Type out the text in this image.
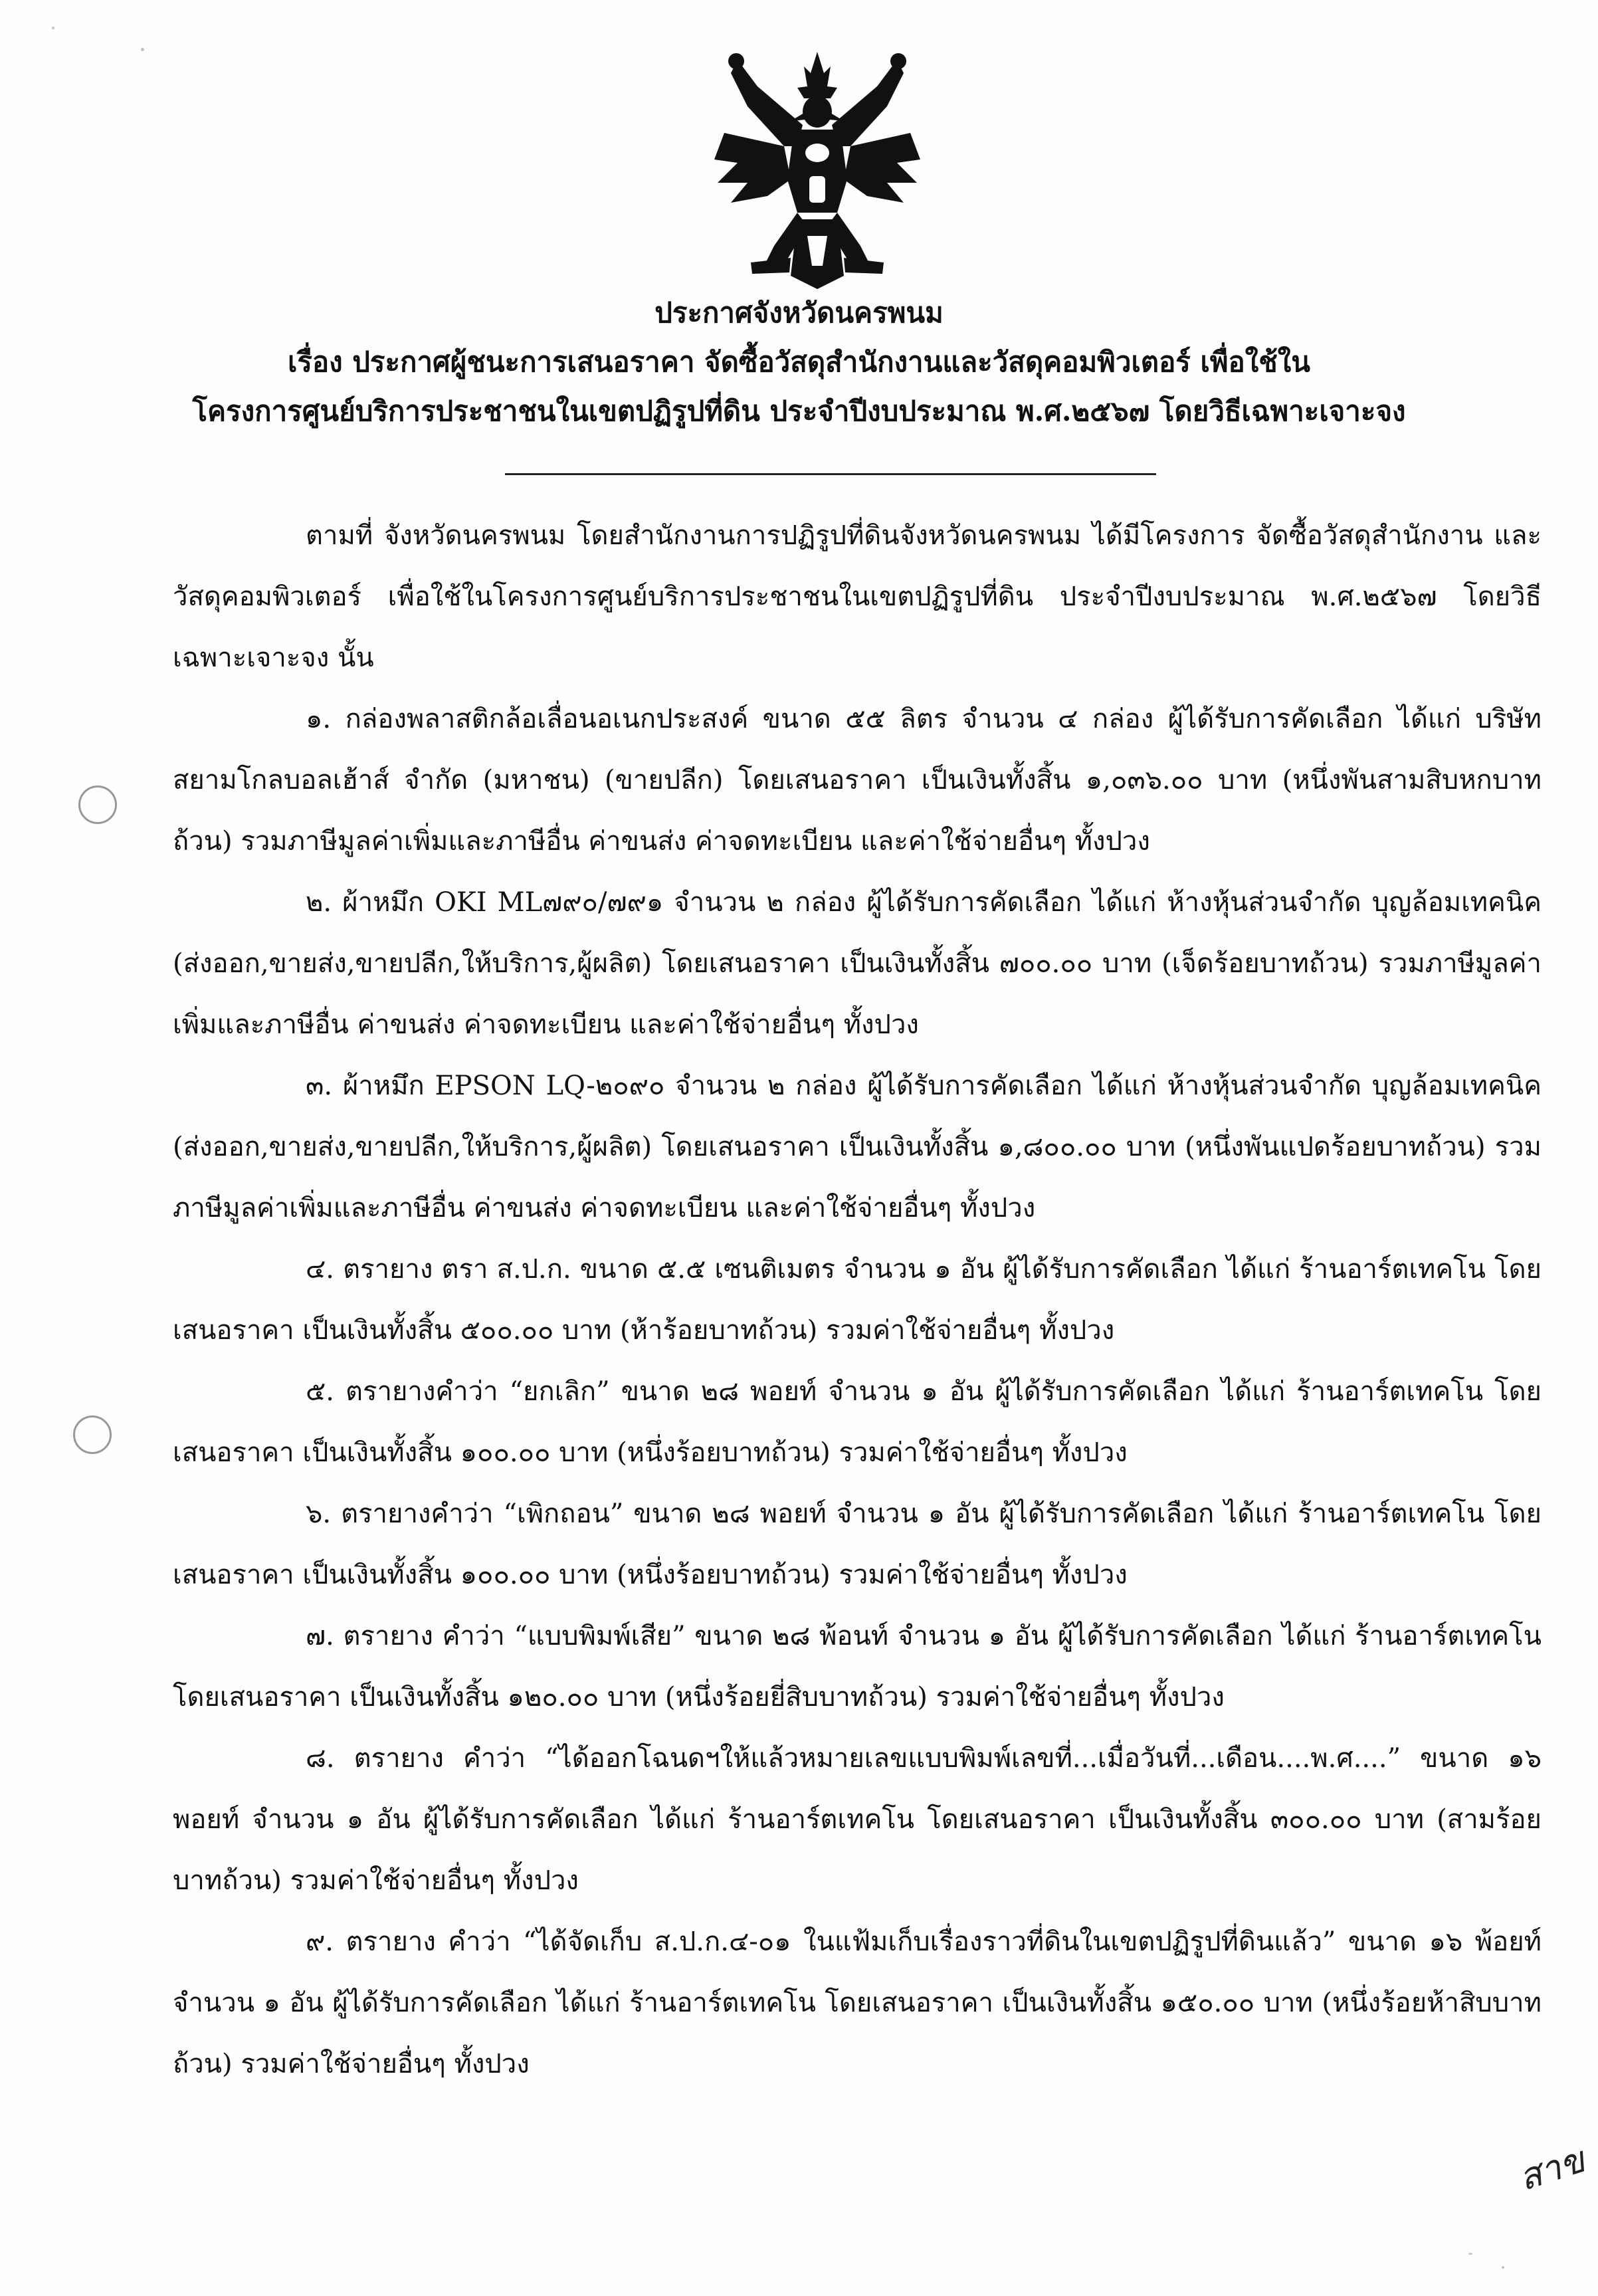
ประกาศจังหวัดนครพนม
เรื่อง ประกาศผู้ชนะการเสนอราคา จัดซื้อวัสดุสำนักงานและวัสดุคอมพิวเตอร์ เพื่อใช้ใน
โครงการศูนย์บริการประชาชนในเขตปฏิรูปที่ดิน ประจำปีงบประมาณ พ.ศ.๒๕๖๗ โดยวิธีเฉพาะเจาะจง

ตามที่ จังหวัดนครพนม โดยสำนักงานการปฏิรูปที่ดินจังหวัดนครพนม ได้มีโครงการ จัดซื้อวัสดุสำนักงาน และวัสดุคอมพิวเตอร์ เพื่อใช้ในโครงการศูนย์บริการประชาชนในเขตปฏิรูปที่ดิน ประจำปีงบประมาณ พ.ศ.๒๕๖๗ โดยวิธีเฉพาะเจาะจง นั้น

๑. กล่องพลาสติกล้อเลื่อนอเนกประสงค์ ขนาด ๕๕ ลิตร จำนวน ๔ กล่อง ผู้ได้รับการคัดเลือก ได้แก่ บริษัท สยามโกลบอลเฮ้าส์ จำกัด (มหาชน) (ขายปลีก) โดยเสนอราคา เป็นเงินทั้งสิ้น ๑,๐๓๖.๐๐ บาท (หนึ่งพันสามสิบหกบาทถ้วน) รวมภาษีมูลค่าเพิ่มและภาษีอื่น ค่าขนส่ง ค่าจดทะเบียน และค่าใช้จ่ายอื่นๆ ทั้งปวง

๒. ผ้าหมึก OKI ML๗๙๐/๗๙๑ จำนวน ๒ กล่อง ผู้ได้รับการคัดเลือก ได้แก่ ห้างหุ้นส่วนจำกัด บุญล้อมเทคนิค (ส่งออก,ขายส่ง,ขายปลีก,ให้บริการ,ผู้ผลิต) โดยเสนอราคา เป็นเงินทั้งสิ้น ๗๐๐.๐๐ บาท (เจ็ดร้อยบาทถ้วน) รวมภาษีมูลค่าเพิ่มและภาษีอื่น ค่าขนส่ง ค่าจดทะเบียน และค่าใช้จ่ายอื่นๆ ทั้งปวง

๓. ผ้าหมึก EPSON LQ-๒๐๙๐ จำนวน ๒ กล่อง ผู้ได้รับการคัดเลือก ได้แก่ ห้างหุ้นส่วนจำกัด บุญล้อมเทคนิค (ส่งออก,ขายส่ง,ขายปลีก,ให้บริการ,ผู้ผลิต) โดยเสนอราคา เป็นเงินทั้งสิ้น ๑,๘๐๐.๐๐ บาท (หนึ่งพันแปดร้อยบาทถ้วน) รวมภาษีมูลค่าเพิ่มและภาษีอื่น ค่าขนส่ง ค่าจดทะเบียน และค่าใช้จ่ายอื่นๆ ทั้งปวง

๔. ตรายาง ตรา ส.ป.ก. ขนาด ๕.๕ เซนติเมตร จำนวน ๑ อัน ผู้ได้รับการคัดเลือก ได้แก่ ร้านอาร์ตเทคโน โดยเสนอราคา เป็นเงินทั้งสิ้น ๕๐๐.๐๐ บาท (ห้าร้อยบาทถ้วน) รวมค่าใช้จ่ายอื่นๆ ทั้งปวง

๕. ตรายางคำว่า “ยกเลิก” ขนาด ๒๘ พอยท์ จำนวน ๑ อัน ผู้ได้รับการคัดเลือก ได้แก่ ร้านอาร์ตเทคโน โดยเสนอราคา เป็นเงินทั้งสิ้น ๑๐๐.๐๐ บาท (หนึ่งร้อยบาทถ้วน) รวมค่าใช้จ่ายอื่นๆ ทั้งปวง

๖. ตรายางคำว่า “เพิกถอน” ขนาด ๒๘ พอยท์ จำนวน ๑ อัน ผู้ได้รับการคัดเลือก ได้แก่ ร้านอาร์ตเทคโน โดยเสนอราคา เป็นเงินทั้งสิ้น ๑๐๐.๐๐ บาท (หนึ่งร้อยบาทถ้วน) รวมค่าใช้จ่ายอื่นๆ ทั้งปวง

๗. ตรายาง คำว่า “แบบพิมพ์เสีย” ขนาด ๒๘ พ้อนท์ จำนวน ๑ อัน ผู้ได้รับการคัดเลือก ได้แก่ ร้านอาร์ตเทคโน โดยเสนอราคา เป็นเงินทั้งสิ้น ๑๒๐.๐๐ บาท (หนึ่งร้อยยี่สิบบาทถ้วน) รวมค่าใช้จ่ายอื่นๆ ทั้งปวง

๘. ตรายาง คำว่า “ได้ออกโฉนดฯให้แล้วหมายเลขแบบพิมพ์เลขที่...เมื่อวันที่...เดือน....พ.ศ....” ขนาด ๑๖ พอยท์ จำนวน ๑ อัน ผู้ได้รับการคัดเลือก ได้แก่ ร้านอาร์ตเทคโน โดยเสนอราคา เป็นเงินทั้งสิ้น ๓๐๐.๐๐ บาท (สามร้อยบาทถ้วน) รวมค่าใช้จ่ายอื่นๆ ทั้งปวง

๙. ตรายาง คำว่า “ได้จัดเก็บ ส.ป.ก.๔-๐๑ ในแฟ้มเก็บเรื่องราวที่ดินในเขตปฏิรูปที่ดินแล้ว” ขนาด ๑๖ พ้อยท์ จำนวน ๑ อัน ผู้ได้รับการคัดเลือก ได้แก่ ร้านอาร์ตเทคโน โดยเสนอราคา เป็นเงินทั้งสิ้น ๑๕๐.๐๐ บาท (หนึ่งร้อยห้าสิบบาทถ้วน) รวมค่าใช้จ่ายอื่นๆ ทั้งปวง

สาข
